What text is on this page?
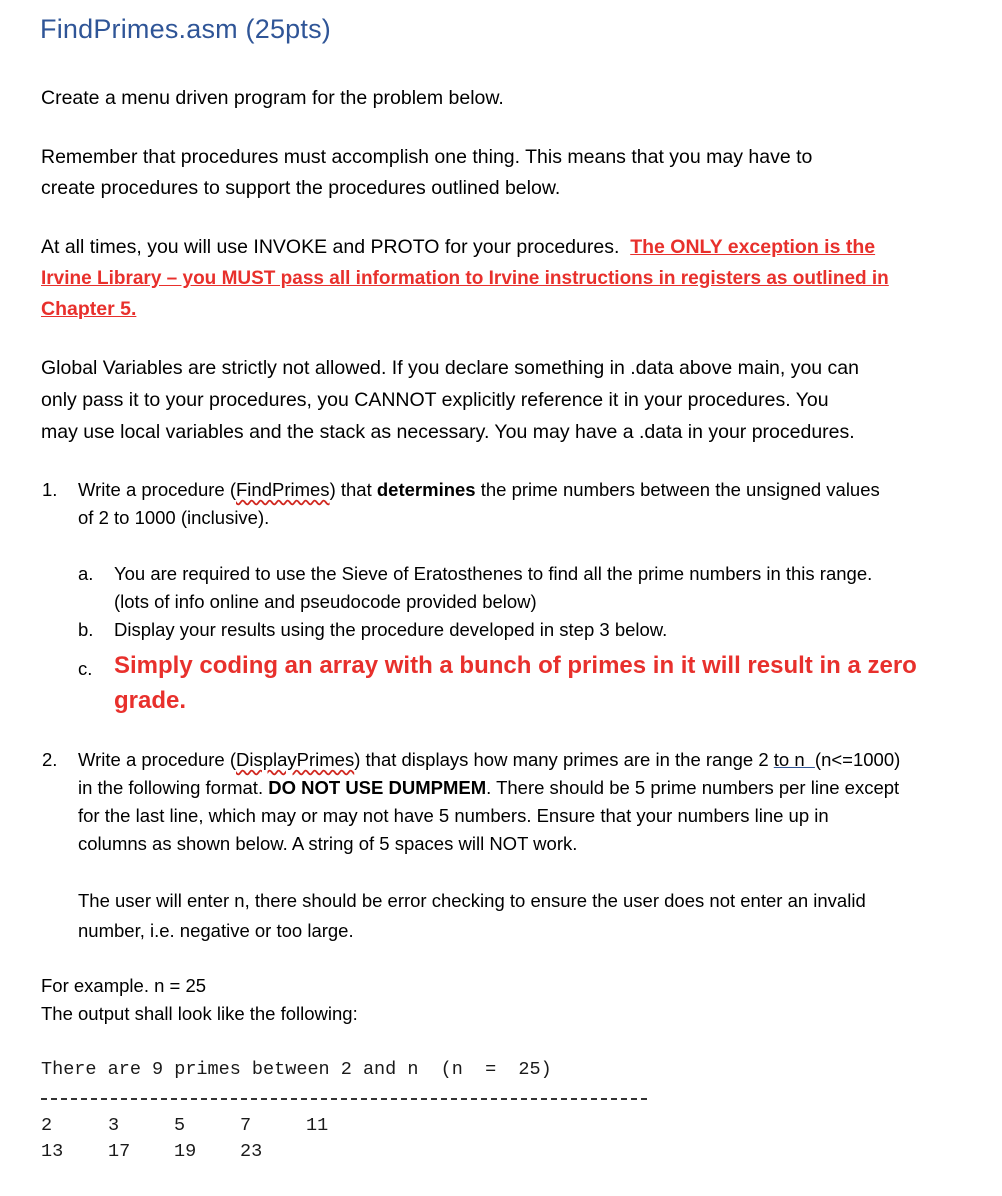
FindPrimes.asm (25pts)
Create a menu driven program for the problem below.
Remember that procedures must accomplish one thing. This means that you may have to
create procedures to support the procedures outlined below.
At all times, you will use INVOKE and PROTO for your procedures.  The ONLY exception is the
Irvine Library – you MUST pass all information to Irvine instructions in registers as outlined in
Chapter 5.
Global Variables are strictly not allowed. If you declare something in .data above main, you can
only pass it to your procedures, you CANNOT explicitly reference it in your procedures. You
may use local variables and the stack as necessary. You may have a .data in your procedures.
1. Write a procedure (FindPrimes) that determines the prime numbers between the unsigned values
of 2 to 1000 (inclusive).
a. You are required to use the Sieve of Eratosthenes to find all the prime numbers in this range.
(lots of info online and pseudocode provided below)
b. Display your results using the procedure developed in step 3 below.
c. Simply coding an array with a bunch of primes in it will result in a zero
grade.
2. Write a procedure (DisplayPrimes) that displays how many primes are in the range 2 to n  (n<=1000)
in the following format. DO NOT USE DUMPMEM. There should be 5 prime numbers per line except
for the last line, which may or may not have 5 numbers. Ensure that your numbers line up in
columns as shown below. A string of 5 spaces will NOT work.
The user will enter n, there should be error checking to ensure the user does not enter an invalid
number, i.e. negative or too large.
For example. n = 25
The output shall look like the following:
There are 9 primes between 2 and n  (n  =  25)
2	3	5	7	11
13 17 19 23
